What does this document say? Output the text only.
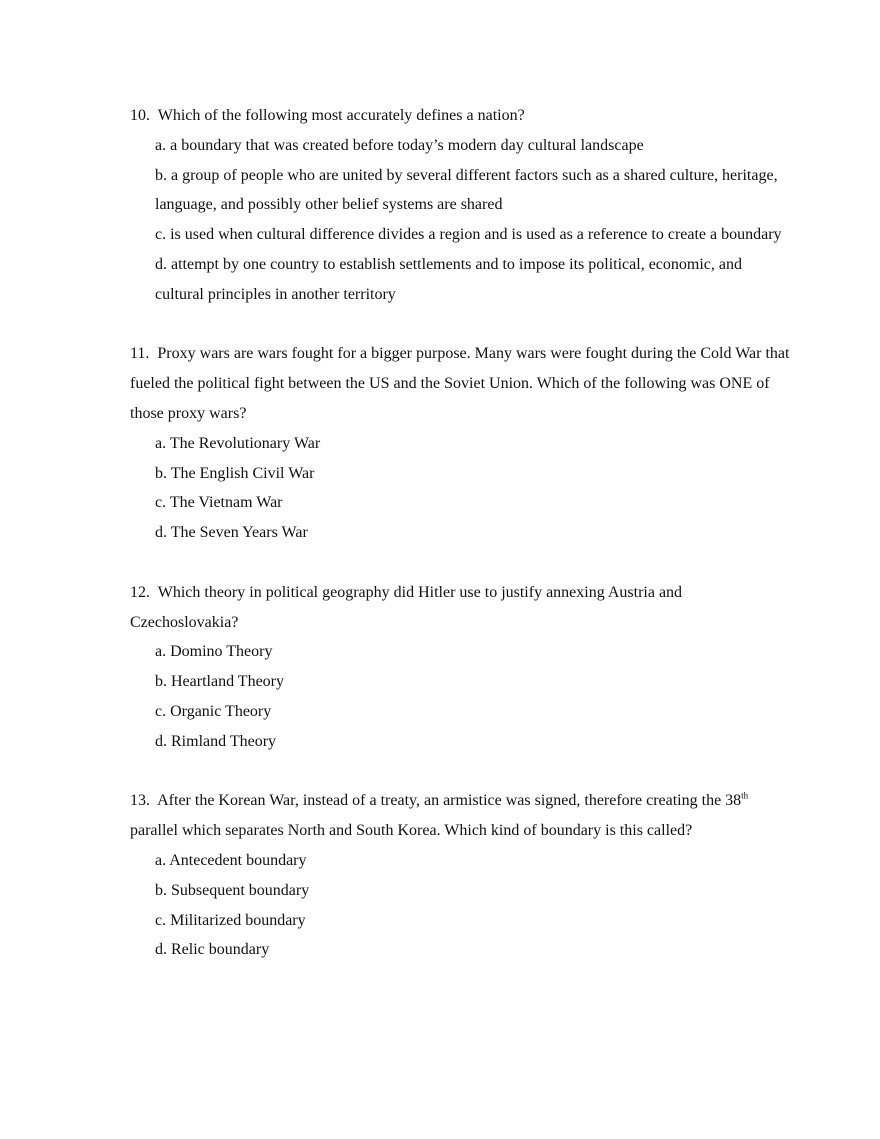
10. Which of the following most accurately defines a nation?

a. a boundary that was created before today’s modern day cultural landscape

b. a group of people who are united by several different factors such as a shared culture, heritage, language, and possibly other belief systems are shared

c. is used when cultural difference divides a region and is used as a reference to create a boundary

d. attempt by one country to establish settlements and to impose its political, economic, and cultural principles in another territory

11. Proxy wars are wars fought for a bigger purpose. Many wars were fought during the Cold War that fueled the political fight between the US and the Soviet Union. Which of the following was ONE of those proxy wars?

a. The Revolutionary War

b. The English Civil War

c. The Vietnam War

d. The Seven Years War

12. Which theory in political geography did Hitler use to justify annexing Austria and Czechoslovakia?

a. Domino Theory

b. Heartland Theory

c. Organic Theory

d. Rimland Theory

13. After the Korean War, instead of a treaty, an armistice was signed, therefore creating the 38th parallel which separates North and South Korea. Which kind of boundary is this called?

a. Antecedent boundary

b. Subsequent boundary

c. Militarized boundary

d. Relic boundary
